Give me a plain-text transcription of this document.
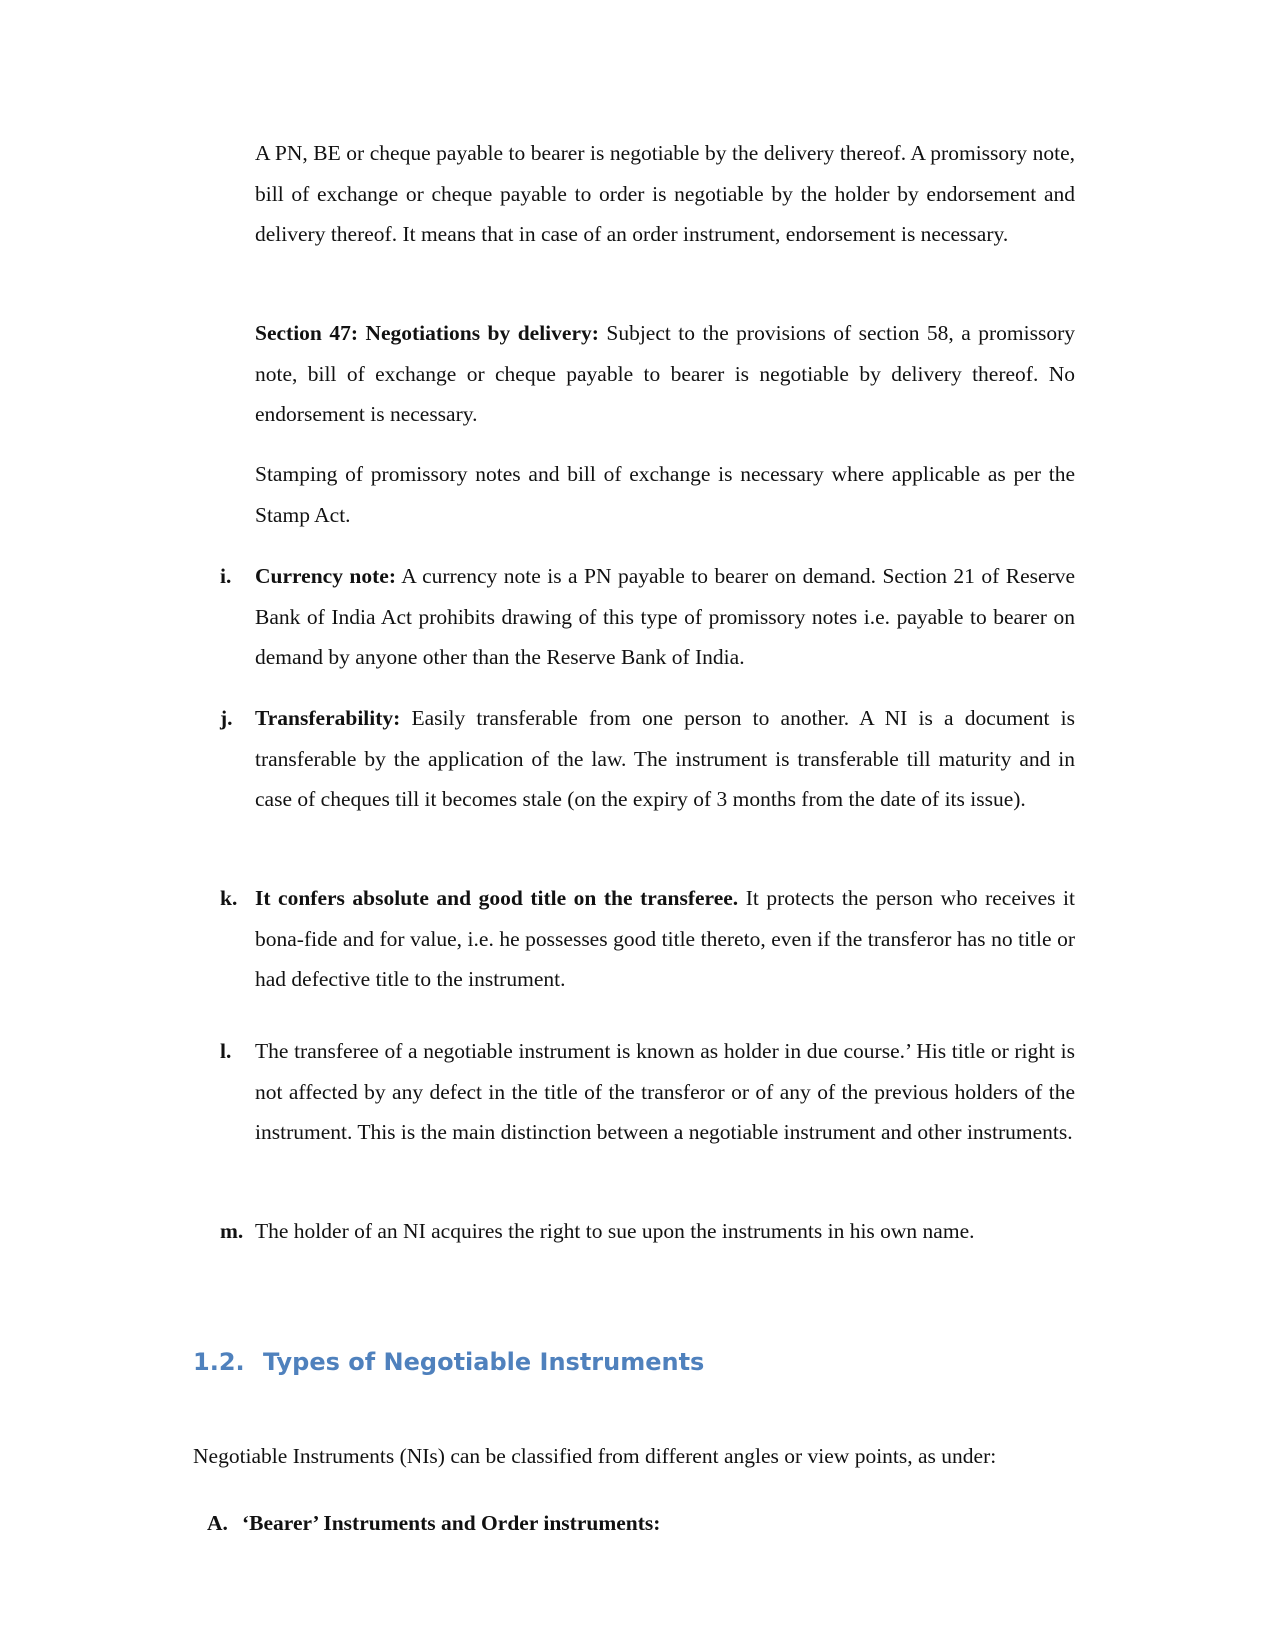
A PN, BE or cheque payable to bearer is negotiable by the delivery thereof. A promissory note, bill of exchange or cheque payable to order is negotiable by the holder by endorsement and delivery thereof. It means that in case of an order instrument, endorsement is necessary.

Section 47: Negotiations by delivery: Subject to the provisions of section 58, a promissory note, bill of exchange or cheque payable to bearer is negotiable by delivery thereof. No endorsement is necessary.

Stamping of promissory notes and bill of exchange is necessary where applicable as per the Stamp Act.

i. Currency note: A currency note is a PN payable to bearer on demand. Section 21 of Reserve Bank of India Act prohibits drawing of this type of promissory notes i.e. payable to bearer on demand by anyone other than the Reserve Bank of India.
j. Transferability: Easily transferable from one person to another. A NI is a document is transferable by the application of the law. The instrument is transferable till maturity and in case of cheques till it becomes stale (on the expiry of 3 months from the date of its issue).
k. It confers absolute and good title on the transferee. It protects the person who receives it bona-fide and for value, i.e. he possesses good title thereto, even if the transferor has no title or had defective title to the instrument.
l. The transferee of a negotiable instrument is known as holder in due course.’ His title or right is not affected by any defect in the title of the transferor or of any of the previous holders of the instrument. This is the main distinction between a negotiable instrument and other instruments.
m. The holder of an NI acquires the right to sue upon the instruments in his own name.
1.2. Types of Negotiable Instruments

Negotiable Instruments (NIs) can be classified from different angles or view points, as under:

A. ‘Bearer’ Instruments and Order instruments:
